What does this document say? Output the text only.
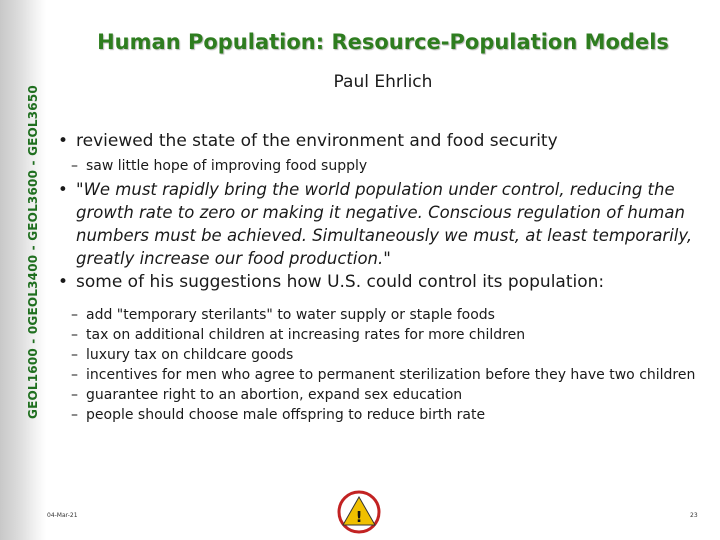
GEOL1600 - 0GEOL3400 - GEOL3600 - GEOL3650
Human Population: Resource-Population Models
Paul Ehrlich
• reviewed the state of the environment and food security
– saw little hope of improving food supply
• "We must rapidly bring the world population under control, reducing the growth rate to zero or making it negative. Conscious regulation of human numbers must be achieved. Simultaneously we must, at least temporarily, greatly increase our food production."
• some of his suggestions how U.S. could control its population:
– add "temporary sterilants" to water supply or staple foods
– tax on additional children at increasing rates for more children
– luxury tax on childcare goods
– incentives for men who agree to permanent sterilization before they have two children
– guarantee right to an abortion, expand sex education
– people should choose male offspring to reduce birth rate
04-Mar-21	23
!
